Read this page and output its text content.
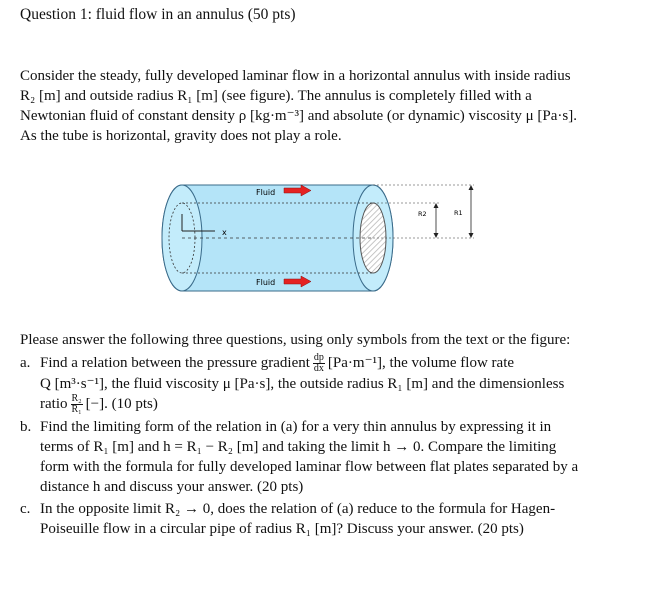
Question 1: fluid flow in an annulus (50 pts)
Consider the steady, fully developed laminar flow in a horizontal annulus with inside radius
R₂ [m] and outside radius R₁ [m] (see figure). The annulus is completely filled with a
Newtonian fluid of constant density ρ [kg·m⁻³] and absolute (or dynamic) viscosity μ [Pa·s].
As the tube is horizontal, gravity does not play a role.
x
Fluid
Fluid
R2	R1
Please answer the following three questions, using only symbols from the text or the figure:
a. Find a relation between the pressure gradient $\frac{dp}{dx} [Pa\cdot m^{-1}]$, the volume flow rate
Q [m³·s⁻¹], the fluid viscosity μ [Pa·s], the outside radius R₁ [m] and the dimensionless
ratio $\frac{\text{R₂}}{\text{R₁}}$ [−]. (10 pts)
b. Find the limiting form of the relation in (a) for a very thin annulus by expressing it in
terms of R₁ [m] and h = R₁ − R₂ [m] and taking the limit h → 0. Compare the limiting
form with the formula for fully developed laminar flow between flat plates separated by a
distance h and discuss your answer. (20 pts)
c. In the opposite limit R₂ → 0, does the relation of (a) reduce to the formula for Hagen-
Poiseuille flow in a circular pipe of radius R₁ [m]? Discuss your answer. (20 pts)
